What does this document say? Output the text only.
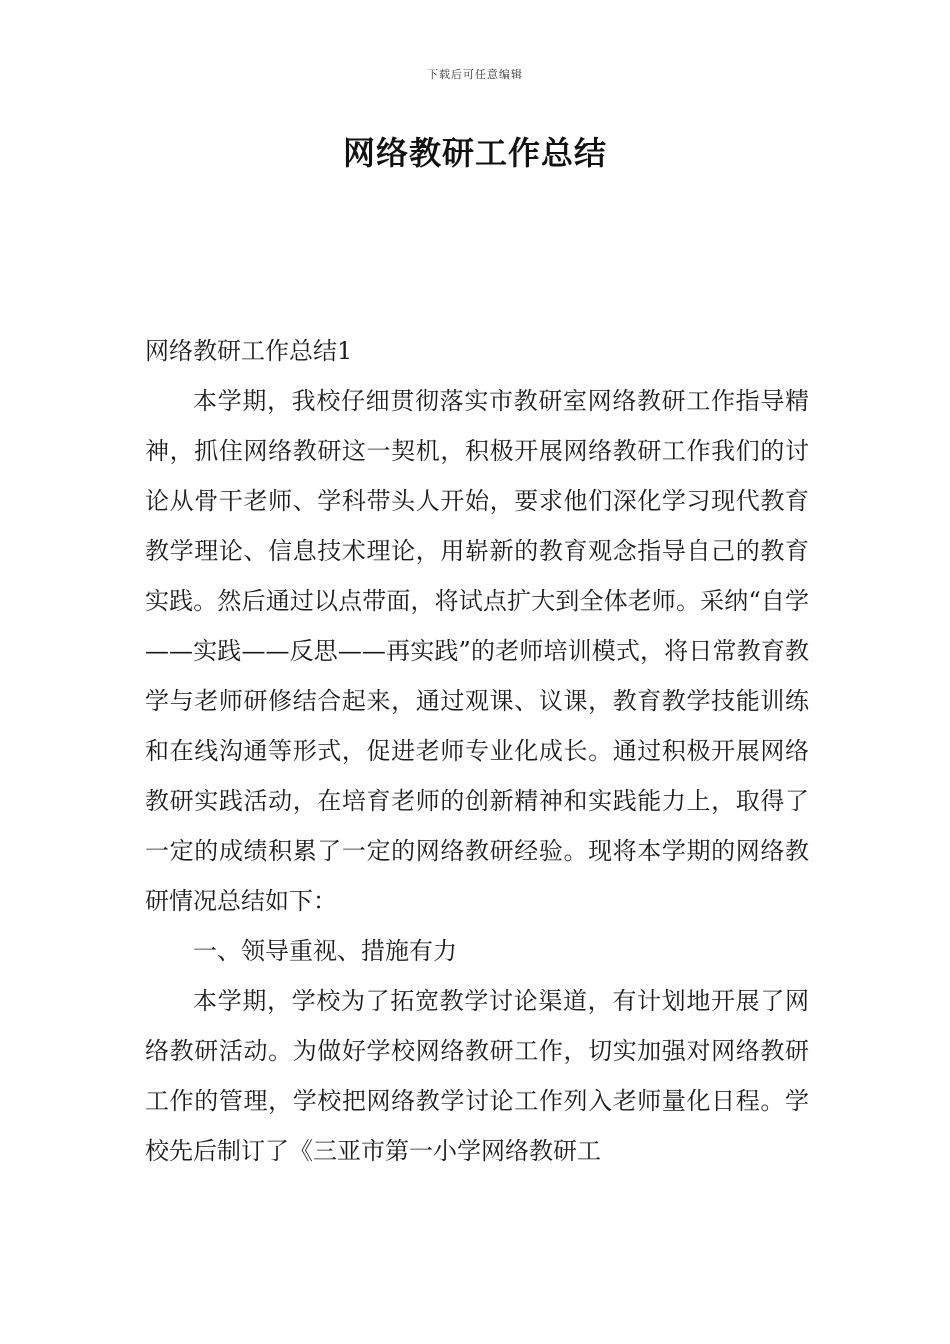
下载后可任意编辑
网络教研工作总结

网络教研工作总结1

本学期，我校仔细贯彻落实市教研室网络教研工作指导精神，抓住网络教研这一契机，积极开展网络教研工作我们的讨论从骨干老师、学科带头人开始，要求他们深化学习现代教育教学理论、信息技术理论，用崭新的教育观念指导自己的教育实践。然后通过以点带面，将试点扩大到全体老师。采纳“自学——实践——反思——再实践”的老师培训模式，将日常教育教学与老师研修结合起来，通过观课、议课，教育教学技能训练和在线沟通等形式，促进老师专业化成长。通过积极开展网络教研实践活动，在培育老师的创新精神和实践能力上，取得了一定的成绩积累了一定的网络教研经验。现将本学期的网络教研情况总结如下：

一、领导重视、措施有力

本学期，学校为了拓宽教学讨论渠道，有计划地开展了网络教研活动。为做好学校网络教研工作，切实加强对网络教研工作的管理，学校把网络教学讨论工作列入老师量化日程。学校先后制订了《三亚市第一小学网络教研工
